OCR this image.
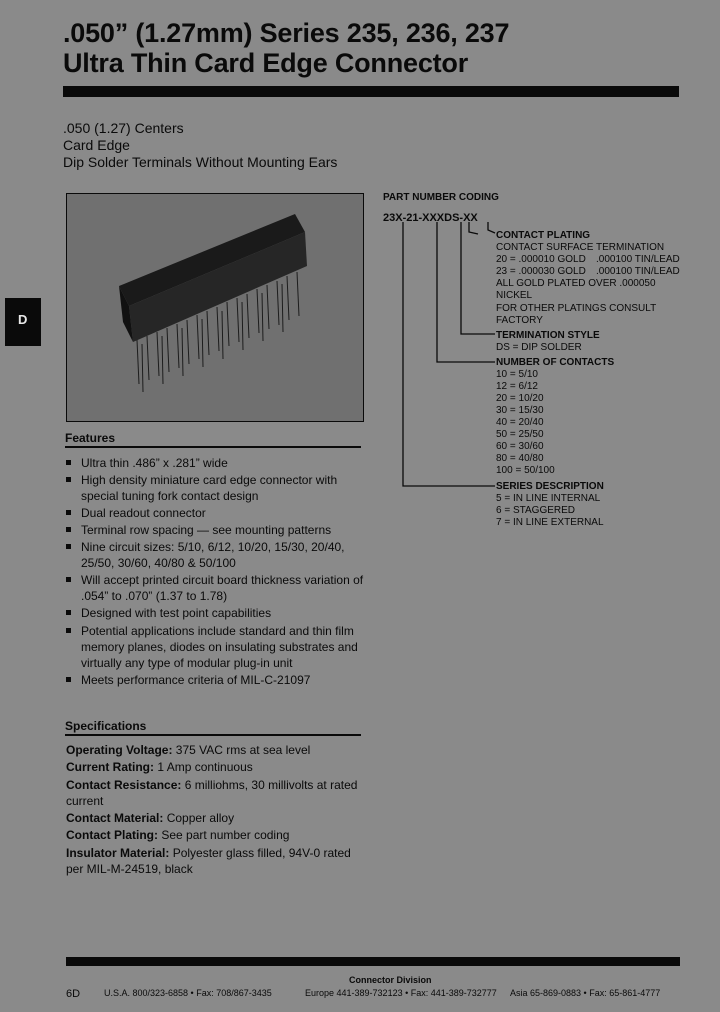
.050” (1.27mm) Series 235, 236, 237
Ultra Thin Card Edge Connector
.050 (1.27) Centers
Card Edge
Dip Solder Terminals Without Mounting Ears
D
PART NUMBER CODING
23X-21-XXXDS-XX
CONTACT PLATING
CONTACT SURFACE TERMINATION
20 = .000010 GOLD .000100 TIN/LEAD
23 = .000030 GOLD .000100 TIN/LEAD
ALL GOLD PLATED OVER .000050
NICKEL
FOR OTHER PLATINGS CONSULT
FACTORY
TERMINATION STYLE
DS = DIP SOLDER
NUMBER OF CONTACTS
10 = 5/10
12 = 6/12
20 = 10/20
30 = 15/30
40 = 20/40
50 = 25/50
60 = 30/60
80 = 40/80
100 = 50/100
SERIES DESCRIPTION
5 = IN LINE INTERNAL
6 = STAGGERED
7 = IN LINE EXTERNAL
Features
Ultra thin .486” x .281” wide
High density miniature card edge connector with special tuning fork contact design
Dual readout connector
Terminal row spacing — see mounting patterns
Nine circuit sizes: 5/10, 6/12, 10/20, 15/30, 20/40, 25/50, 30/60, 40/80 & 50/100
Will accept printed circuit board thickness variation of .054” to .070” (1.37 to 1.78)
Designed with test point capabilities
Potential applications include standard and thin film memory planes, diodes on insulating substrates and virtually any type of modular plug-in unit
Meets performance criteria of MIL-C-21097
Specifications
Operating Voltage: 375 VAC rms at sea level
Current Rating: 1 Amp continuous
Contact Resistance: 6 milliohms, 30 millivolts at rated current
Contact Material: Copper alloy
Contact Plating: See part number coding
Insulator Material: Polyester glass filled, 94V-0 rated per MIL-M-24519, black
Connector Division
6D	U.S.A. 800/323-6858 • Fax: 708/867-3435	Europe 441-389-732123 • Fax: 441-389-732777 Asia 65-869-0883 • Fax: 65-861-4777
